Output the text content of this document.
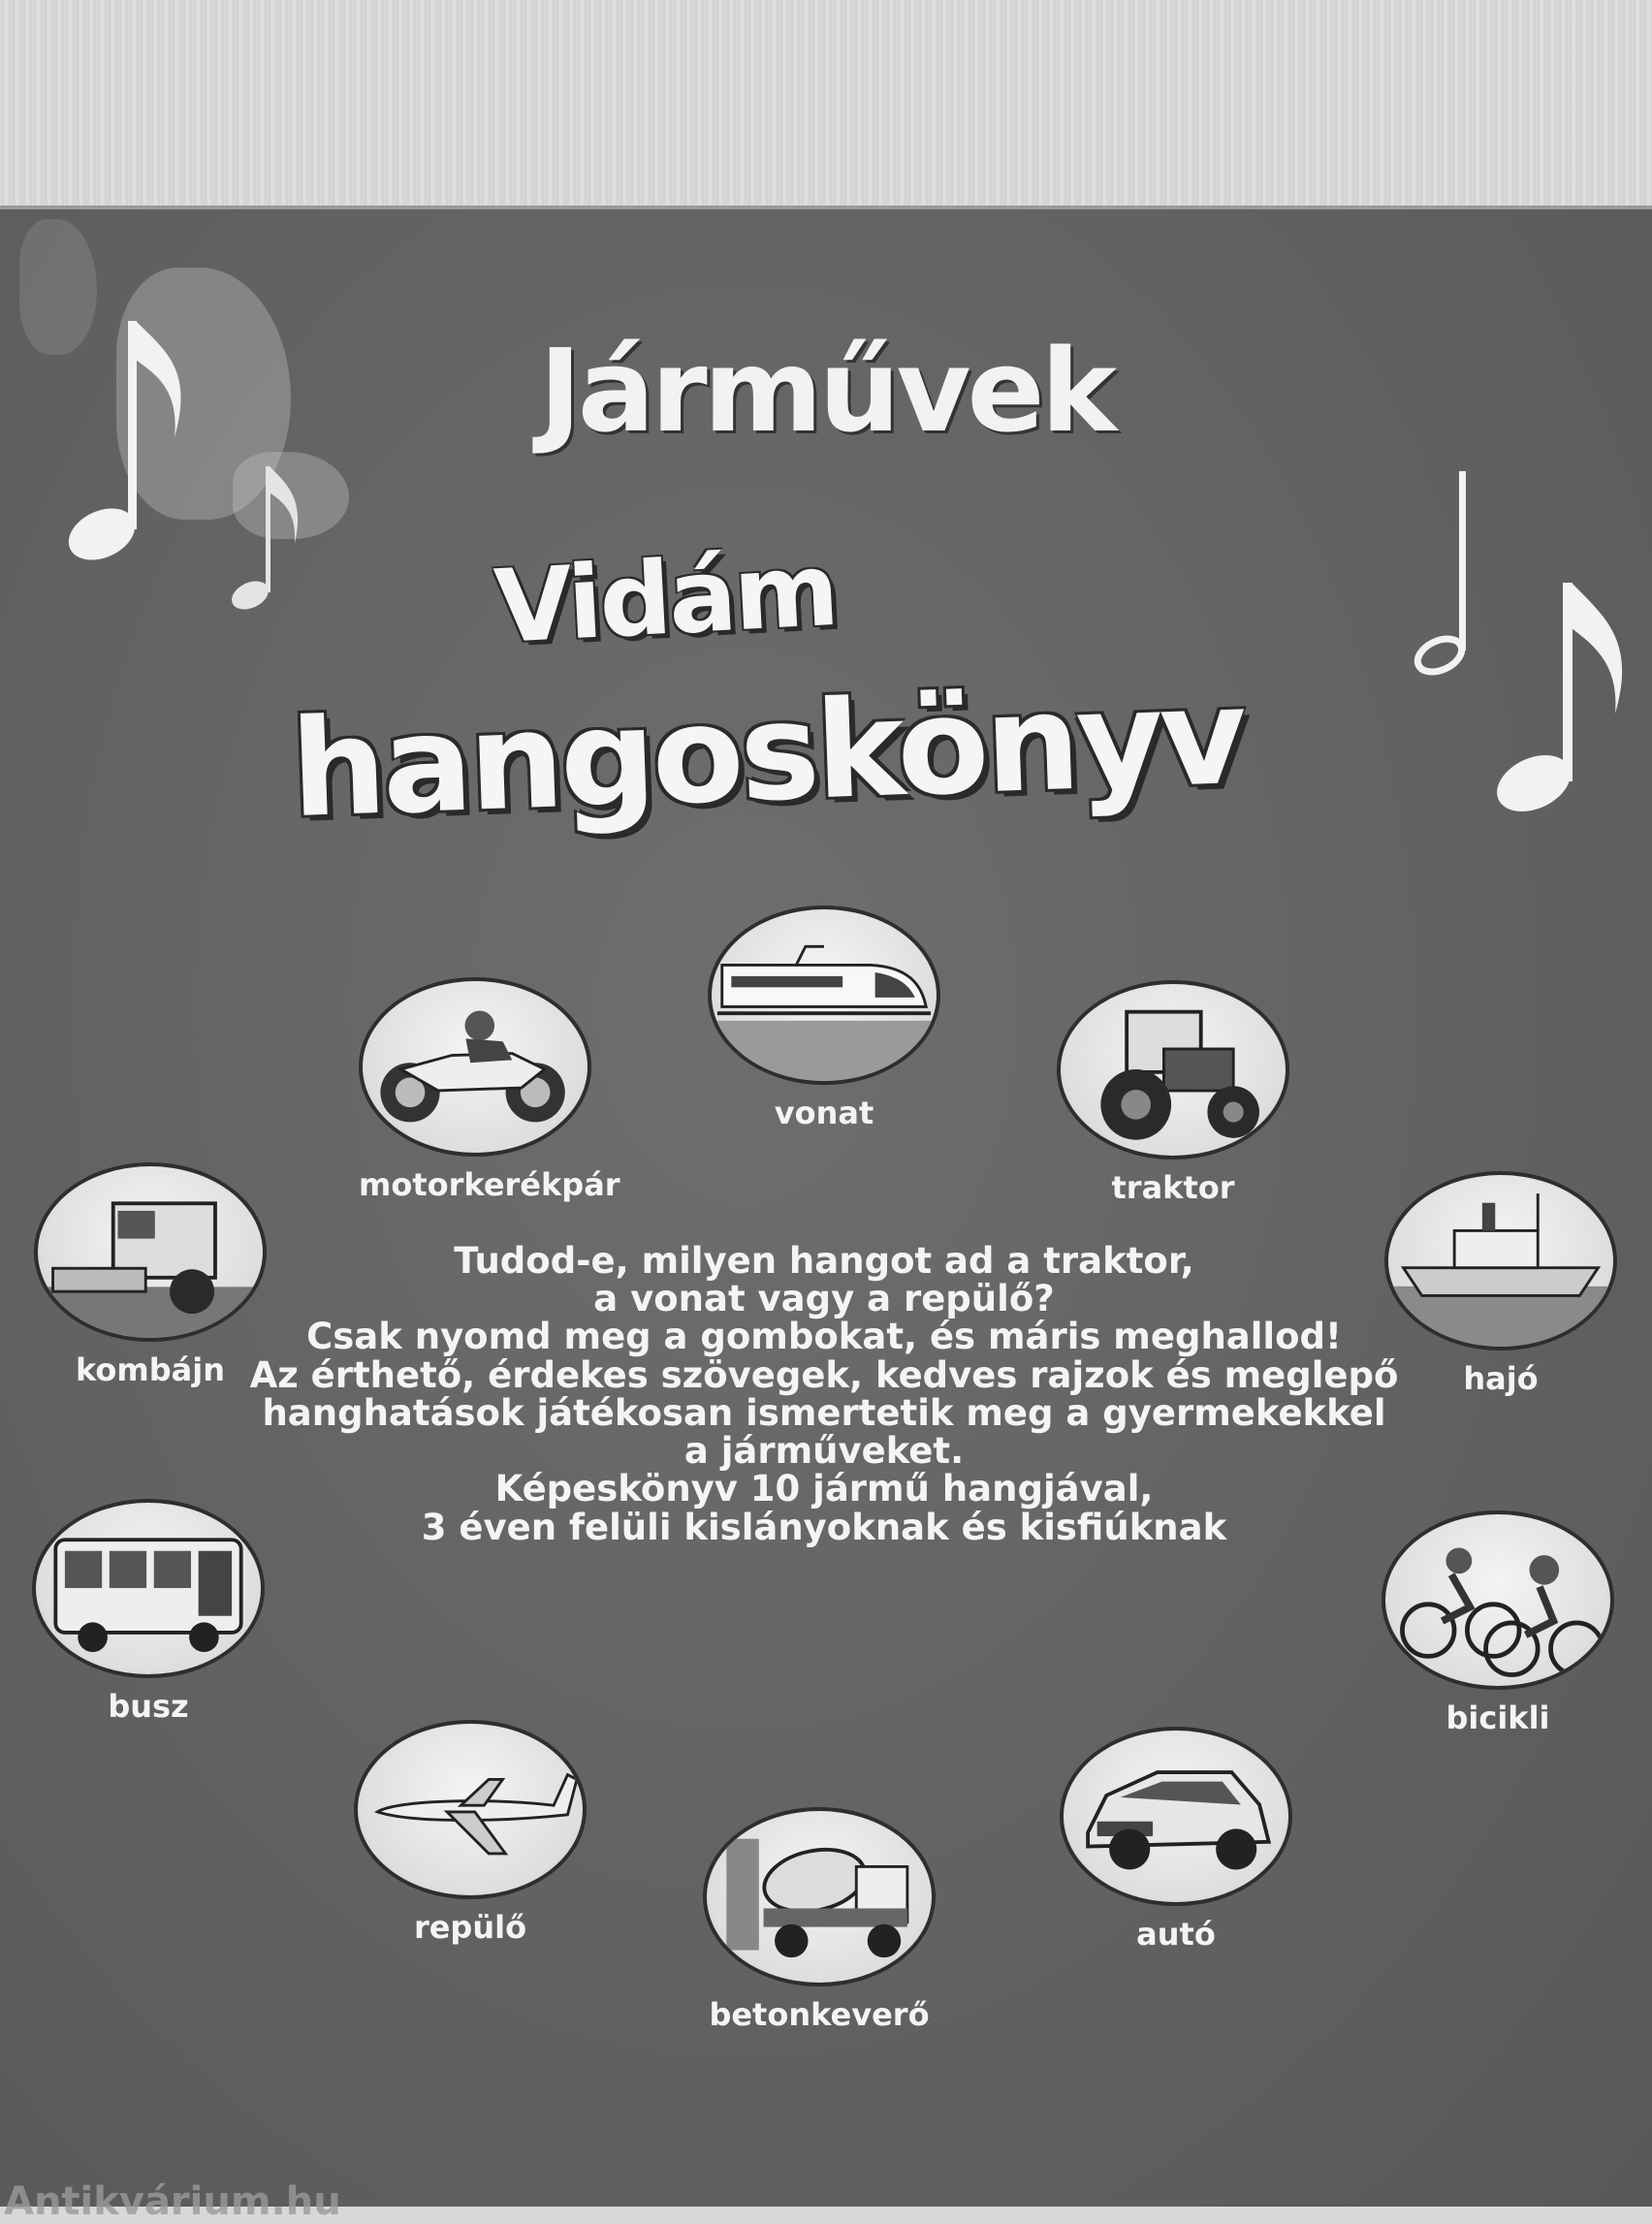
Járművek
Vidám
hangoskönyv
vonat
motorkerékpár	traktor
kombájn	hajó
busz	bicikli
repülő	autó
betonkeverő
Tudod-e, milyen hangot ad a traktor,
a vonat vagy a repülő?
Csak nyomd meg a gombokat, és máris meghallod!
Az érthető, érdekes szövegek, kedves rajzok és meglepő
hanghatások játékosan ismertetik meg a gyermekekkel
a járműveket.
Képeskönyv 10 jármű hangjával,
3 éven felüli kislányoknak és kisfiúknak
Antikvárium.hu
